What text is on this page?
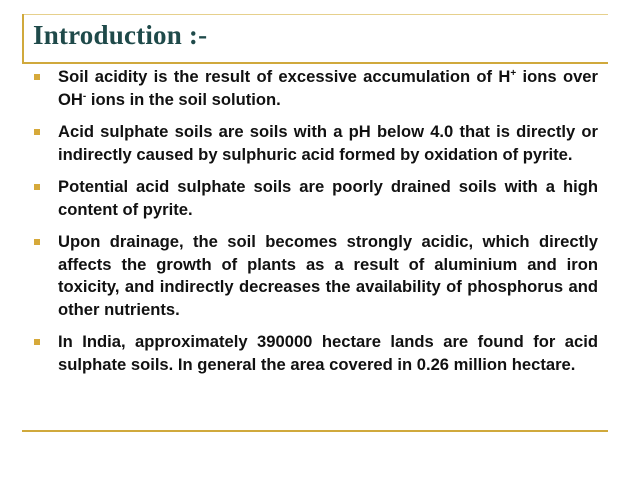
Introduction :-
Soil acidity is the result of excessive accumulation of H+ ions over OH- ions in the soil solution.
Acid sulphate soils are soils with a pH below 4.0 that is directly or indirectly caused by sulphuric acid formed by oxidation of pyrite.
Potential acid sulphate soils are poorly drained soils with a high content of pyrite.
Upon drainage, the soil becomes strongly acidic, which directly affects the growth of plants as a result of aluminium and iron toxicity, and indirectly decreases the availability of phosphorus and other nutrients.
In India, approximately 390000 hectare lands are found for acid sulphate soils. In general the area covered in 0.26 million hectare.
